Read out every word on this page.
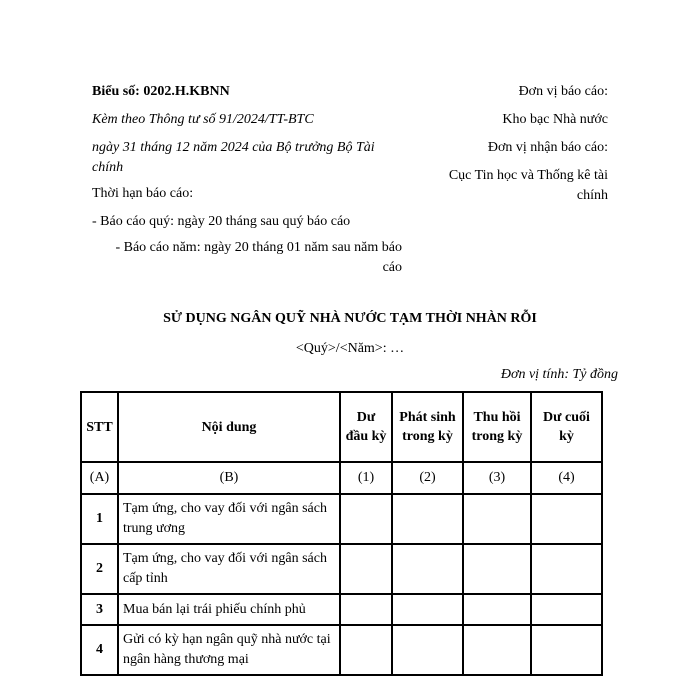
Biểu số: 0202.H.KBNN
Kèm theo Thông tư số 91/2024/TT-BTC
ngày 31 tháng 12 năm 2024 của Bộ trưởng Bộ Tài chính
Thời hạn báo cáo:
- Báo cáo quý: ngày 20 tháng sau quý báo cáo
- Báo cáo năm: ngày 20 tháng 01 năm sau năm báo cáo
Đơn vị báo cáo:
Kho bạc Nhà nước
Đơn vị nhận báo cáo:
Cục Tin học và Thống kê tài chính
SỬ DỤNG NGÂN QUỸ NHÀ NƯỚC TẠM THỜI NHÀN RỖI
<Quý>/<Năm>: …
Đơn vị tính: Tỷ đồng
STT	Nội dung	Dư đầu kỳ	Phát sinh trong kỳ	Thu hồi trong kỳ	Dư cuối kỳ
(A)	(B)	(1)	(2)	(3)	(4)
1	Tạm ứng, cho vay đối với ngân sách trung ương				
2	Tạm ứng, cho vay đối với ngân sách cấp tỉnh				
3	Mua bán lại trái phiếu chính phủ				
4	Gửi có kỳ hạn ngân quỹ nhà nước tại ngân hàng thương mại				
